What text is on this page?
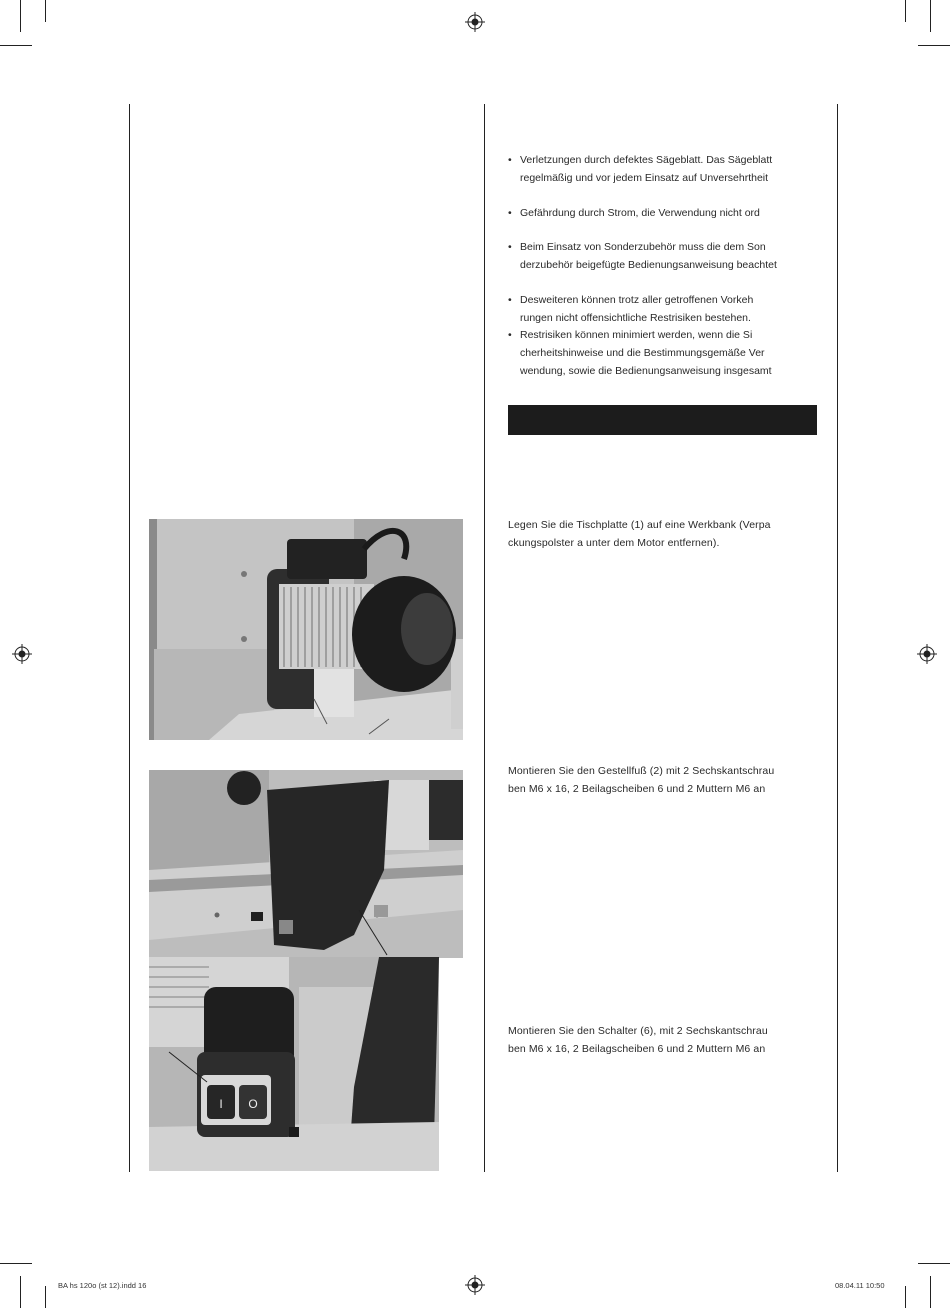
• Verletzungen durch defektes Sägeblatt. Das Sägeblatt
regelmäßig und vor jedem Einsatz auf Unversehrtheit
• Gefährdung durch Strom, die Verwendung nicht ord
• Beim Einsatz von Sonderzubehör muss die dem Son
derzubehör beigefügte Bedienungsanweisung beachtet
• Desweiteren können trotz aller getroffenen Vorkeh
rungen nicht offensichtliche Restrisiken bestehen.
• Restrisiken können minimiert werden, wenn die Si
cherheitshinweise und die Bestimmungsgemäße Ver
wendung, sowie die Bedienungsanweisung insgesamt
Legen Sie die Tischplatte (1) auf eine Werkbank (Verpa
ckungspolster a unter dem Motor entfernen).
Montieren Sie den Gestellfuß (2) mit 2 Sechskantschrau
ben M6 x 16, 2 Beilagscheiben 6 und 2 Muttern M6 an
Montieren Sie den Schalter (6), mit 2 Sechskantschrau
ben M6 x 16, 2 Beilagscheiben 6 und 2 Muttern M6 an
I O
BA hs 120o (st 12).indd 16	08.04.11 10:50
